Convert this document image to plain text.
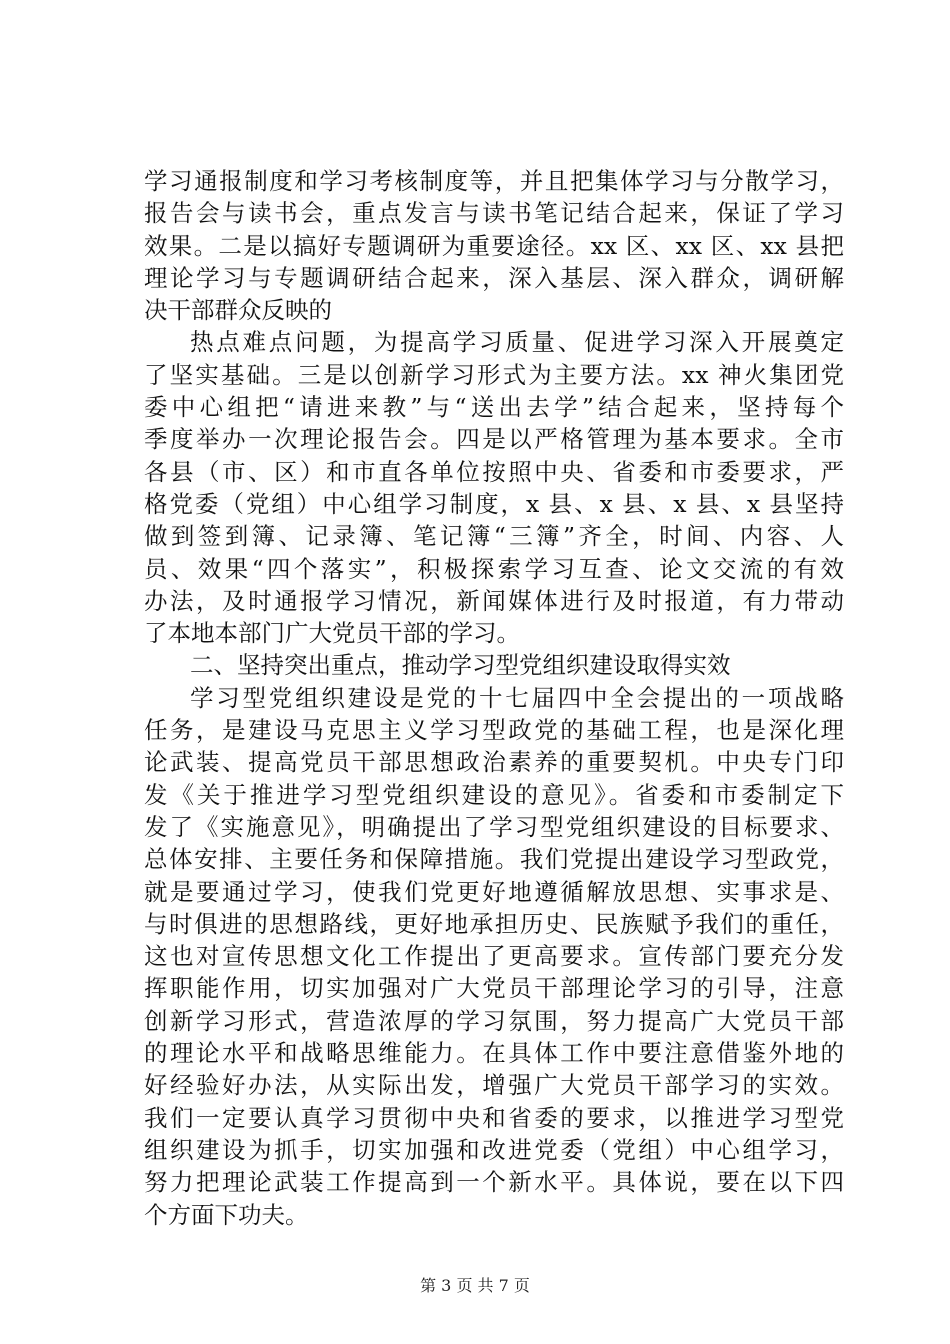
学习通报制度和学习考核制度等，并且把集体学习与分散学习，
报告会与读书会，重点发言与读书笔记结合起来，保证了学习
效果。二是以搞好专题调研为重要途径。xx 区、xx 区、xx 县把
理论学习与专题调研结合起来，深入基层、深入群众，调研解
决干部群众反映的
热点难点问题，为提高学习质量、促进学习深入开展奠定
了坚实基础。三是以创新学习形式为主要方法。xx 神火集团党
委中心组把“请进来教”与“送出去学”结合起来，坚持每个
季度举办一次理论报告会。四是以严格管理为基本要求。全市
各县（市、区）和市直各单位按照中央、省委和市委要求，严
格党委（党组）中心组学习制度，x 县、x 县、x 县、x 县坚持
做到签到簿、记录簿、笔记簿“三簿”齐全，时间、内容、人
员、效果“四个落实”，积极探索学习互查、论文交流的有效
办法，及时通报学习情况，新闻媒体进行及时报道，有力带动
了本地本部门广大党员干部的学习。
二、坚持突出重点，推动学习型党组织建设取得实效
学习型党组织建设是党的十七届四中全会提出的一项战略
任务，是建设马克思主义学习型政党的基础工程，也是深化理
论武装、提高党员干部思想政治素养的重要契机。中央专门印
发《关于推进学习型党组织建设的意见》。省委和市委制定下
发了《实施意见》，明确提出了学习型党组织建设的目标要求、
总体安排、主要任务和保障措施。我们党提出建设学习型政党，
就是要通过学习，使我们党更好地遵循解放思想、实事求是、
与时俱进的思想路线，更好地承担历史、民族赋予我们的重任，
这也对宣传思想文化工作提出了更高要求。宣传部门要充分发
挥职能作用，切实加强对广大党员干部理论学习的引导，注意
创新学习形式，营造浓厚的学习氛围，努力提高广大党员干部
的理论水平和战略思维能力。在具体工作中要注意借鉴外地的
好经验好办法，从实际出发，增强广大党员干部学习的实效。
我们一定要认真学习贯彻中央和省委的要求，以推进学习型党
组织建设为抓手，切实加强和改进党委（党组）中心组学习，
努力把理论武装工作提高到一个新水平。具体说，要在以下四
个方面下功夫。
第 3 页 共 7 页
